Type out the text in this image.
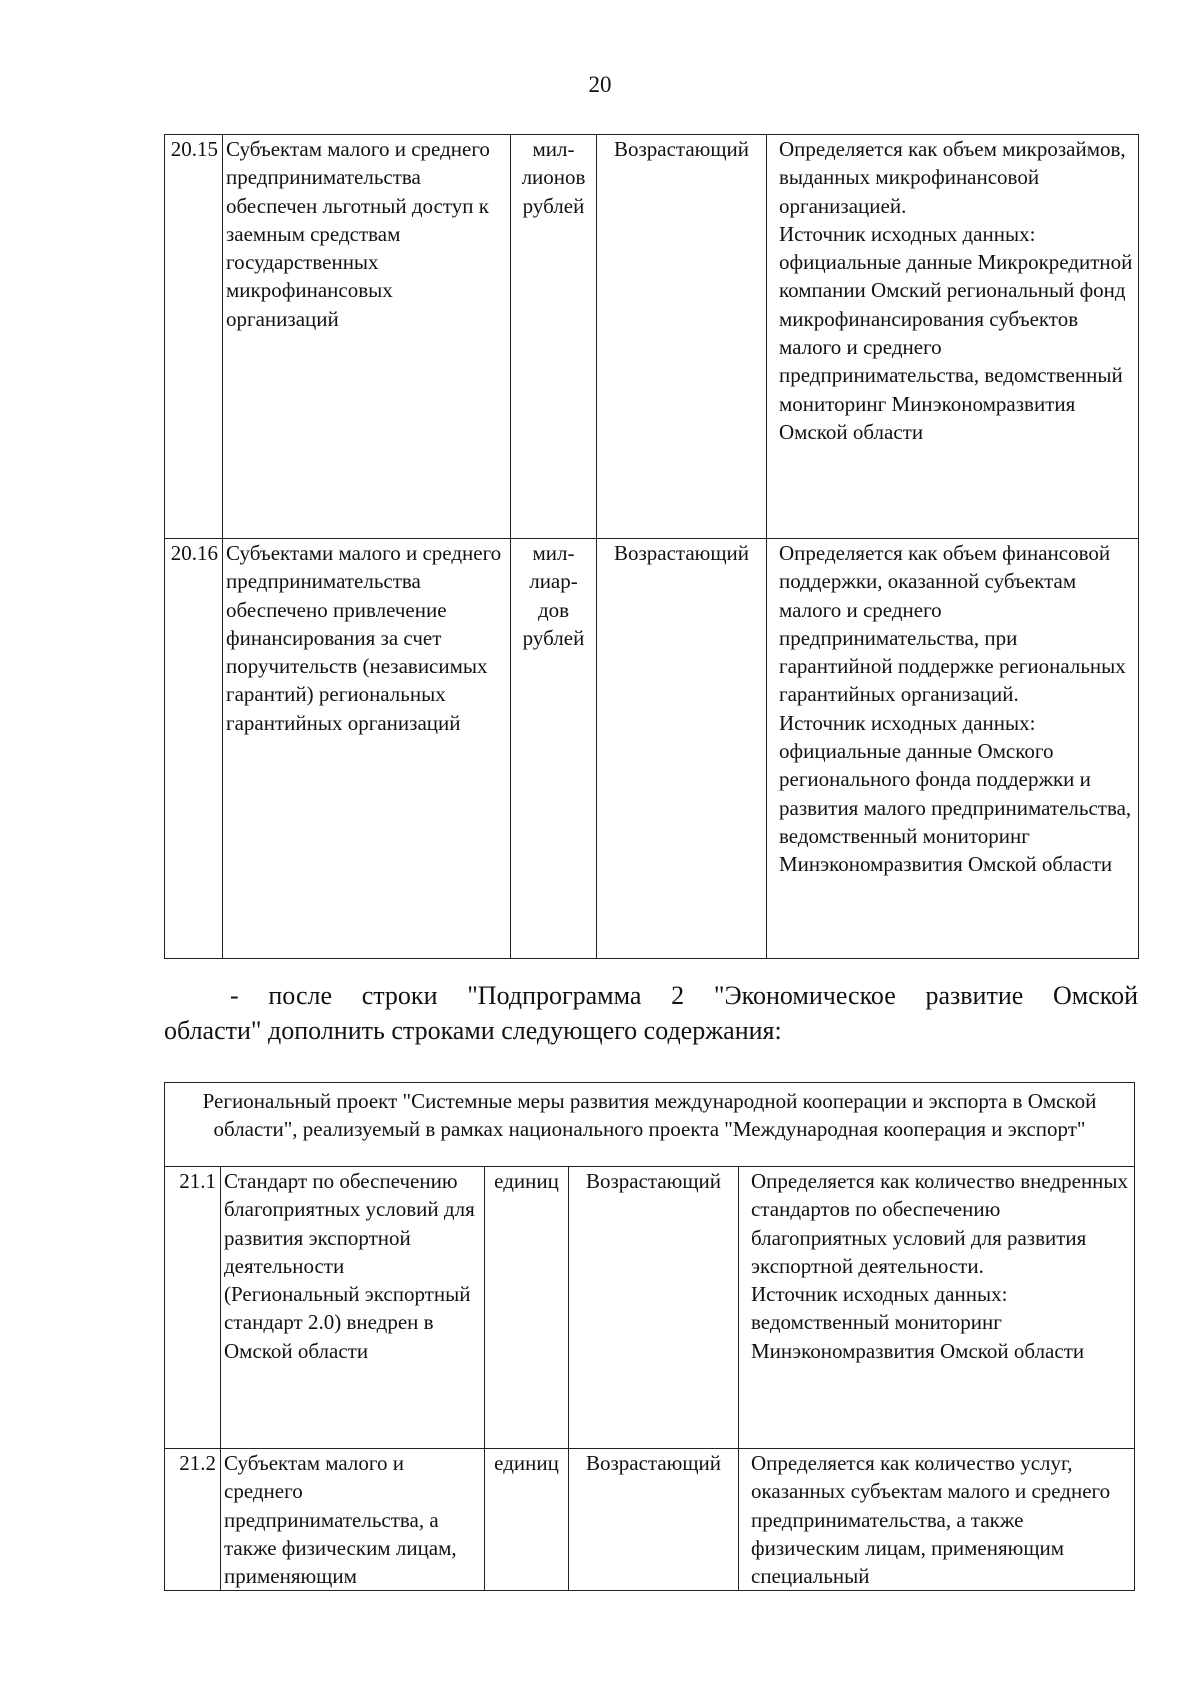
20
20.15	Субъектам малого и среднего предпринимательства обеспечен льготный доступ к заемным средствам государственных микрофинансовых организаций	мил-лионов рублей	Возрастающий	Определяется как объем микрозаймов, выданных микрофинансовой организацией.
Источник исходных данных: официальные данные Микрокредитной компании Омский региональный фонд микрофинансирования субъектов малого и среднего предпринимательства, ведомственный мониторинг Минэкономразвития Омской области

20.16	Субъектами малого и среднего предпринимательства обеспечено привлечение финансирования за счет поручительств (независимых гарантий) региональных гарантийных организаций	мил-лиар-дов рублей	Возрастающий	Определяется как объем финансовой поддержки, оказанной субъектам малого и среднего предпринимательства, при гарантийной поддержке региональных гарантийных организаций.
Источник исходных данных: официальные данные Омского регионального фонда поддержки и развития малого предпринимательства, ведомственный мониторинг Минэкономразвития Омской области
- после строки "Подпрограмма 2 "Экономическое развитие Омской
области" дополнить строками следующего содержания:
Региональный проект "Системные меры развития международной кооперации и экспорта в Омской области", реализуемый в рамках национального проекта "Международная кооперация и экспорт"				
21.1	Стандарт по обеспечению благоприятных условий для развития экспортной деятельности (Региональный экспортный стандарт 2.0) внедрен в Омской области	единиц	Возрастающий	Определяется как количество внедренных стандартов по обеспечению благоприятных условий для развития экспортной деятельности.
Источник исходных данных: ведомственный мониторинг Минэкономразвития Омской области

21.2	Субъектам малого и среднего предпринимательства, а также физическим лицам, применяющим	единиц	Возрастающий	Определяется как количество услуг, оказанных субъектам малого и среднего предпринимательства, а также физическим лицам, применяющим специальный
